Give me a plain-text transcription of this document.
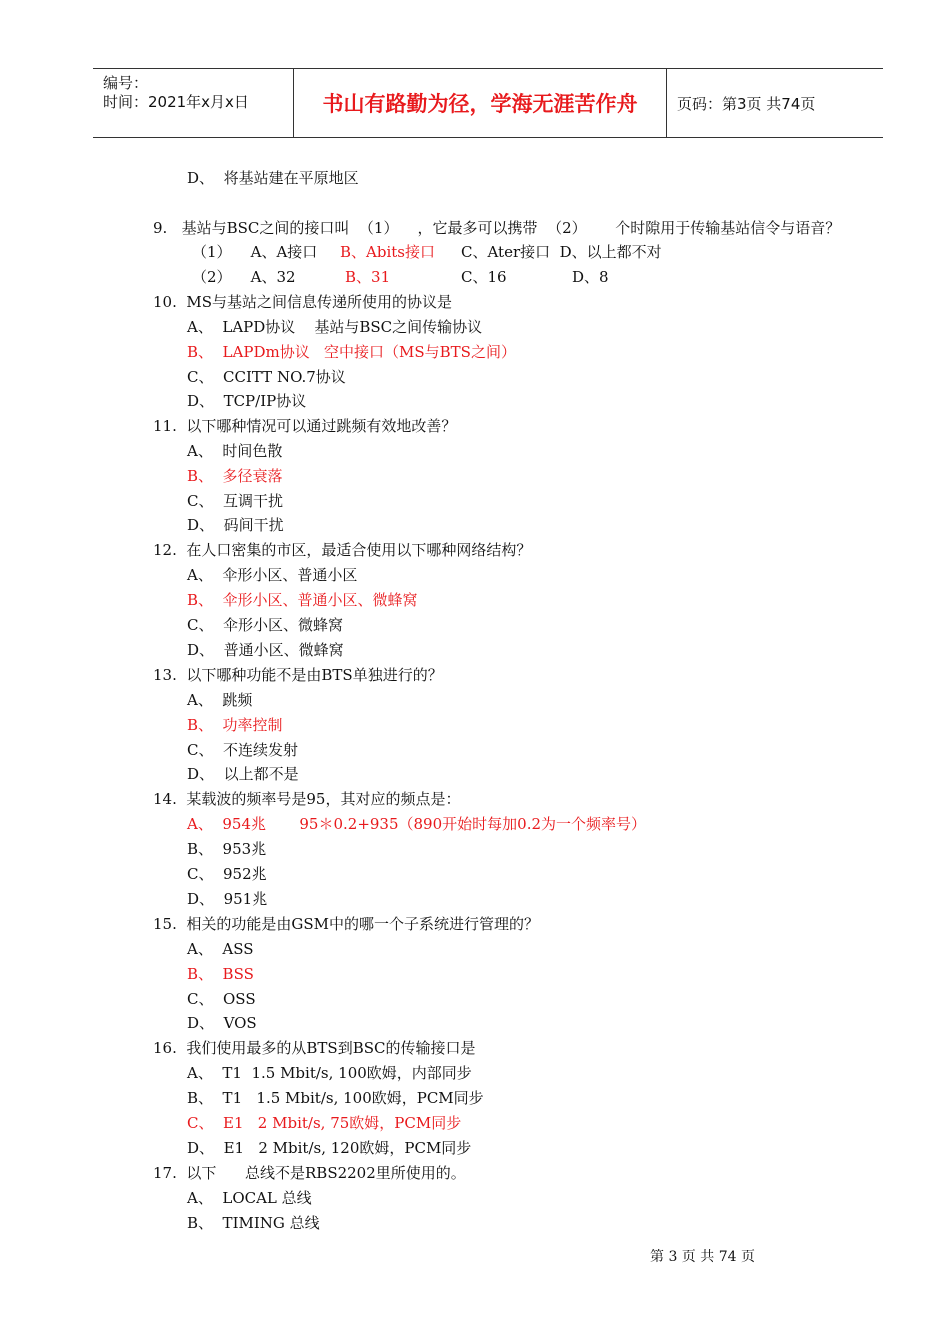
编号：
时间：2021年x月x日	书山有路勤为径，学海无涯苦作舟	页码：第3页 共74页
D、  将基站建在平原地区
9.   基站与BSC之间的接口叫  （1）    ，它最多可以携带  （2）      个时隙用于传输基站信令与语音？
（1）    A、A接口 B、Abits接口 C、Ater接口  D、以上都不对
（2）    A、32	B、31	C、16	D、8
10.  MS与基站之间信息传递所使用的协议是
A、  LAPD协议    基站与BSC之间传输协议
B、  LAPDm协议   空中接口（MS与BTS之间）
C、  CCITT NO.7协议
D、  TCP/IP协议
11.  以下哪种情况可以通过跳频有效地改善？
A、  时间色散
B、  多径衰落
C、  互调干扰
D、  码间干扰
12.  在人口密集的市区，最适合使用以下哪种网络结构？
A、  伞形小区、普通小区
B、  伞形小区、普通小区、微蜂窝
C、  伞形小区、微蜂窝
D、  普通小区、微蜂窝
13.  以下哪种功能不是由BTS单独进行的？
A、  跳频
B、  功率控制
C、  不连续发射
D、  以上都不是
14.  某载波的频率号是95，其对应的频点是：
A、  954兆       95＊0.2+935（890开始时每加0.2为一个频率号）
B、  953兆
C、  952兆
D、  951兆
15.  相关的功能是由GSM中的哪一个子系统进行管理的？
A、  ASS
B、  BSS
C、  OSS
D、  VOS
16.  我们使用最多的从BTS到BSC的传输接口是
A、  T1  1.5 Mbit/s, 100欧姆，内部同步
B、  T1   1.5 Mbit/s, 100欧姆，PCM同步
C、  E1   2 Mbit/s, 75欧姆，PCM同步
D、  E1   2 Mbit/s, 120欧姆，PCM同步
17.  以下      总线不是RBS2202里所使用的。
A、  LOCAL 总线
B、  TIMING 总线
第 3 页 共 74 页
